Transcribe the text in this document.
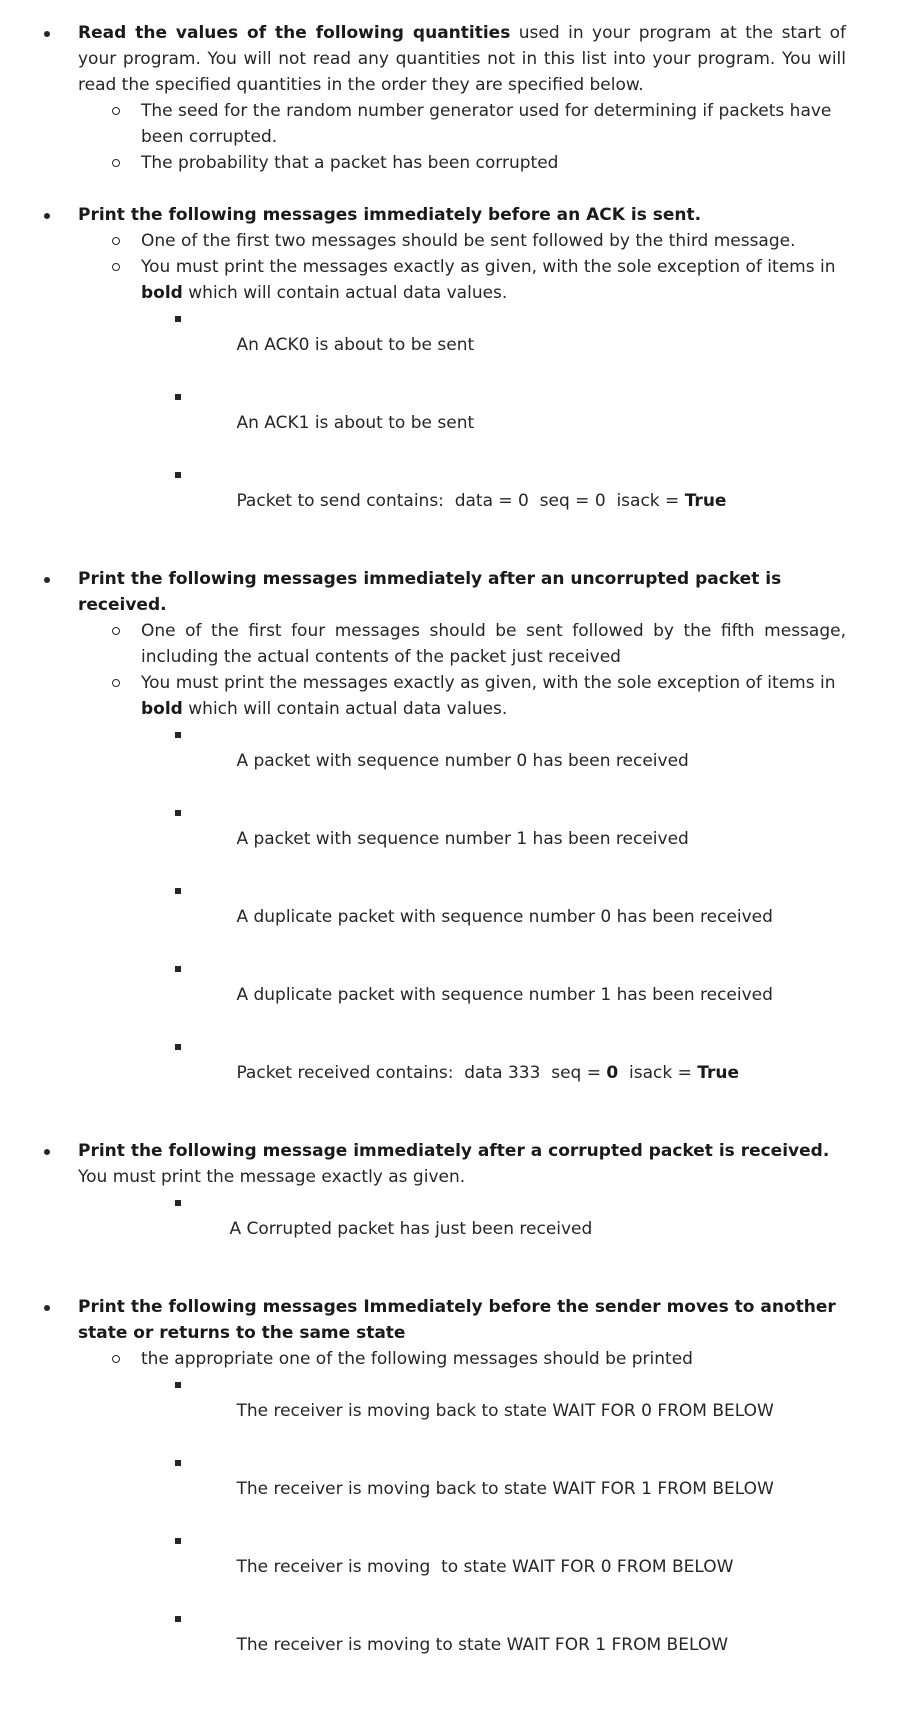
Read the values of the following quantities used in your program at the start of your program. You will not read any quantities not in this list into your program. You will read the specified quantities in the order they are specified below.
The seed for the random number generator used for determining if packets have been corrupted.
The probability that a packet has been corrupted
Print the following messages immediately before an ACK is sent.
One of the first two messages should be sent followed by the third message.
You must print the messages exactly as given, with the sole exception of items in bold which will contain actual data values.

An ACK0 is about to be sent

An ACK1 is about to be sent

Packet to send contains:  data = 0  seq = 0  isack = True

Print the following messages immediately after an uncorrupted packet is received.
One of the first four messages should be sent followed by the fifth message, including the actual contents of the packet just received
You must print the messages exactly as given, with the sole exception of items in bold which will contain actual data values.

A packet with sequence number 0 has been received

A packet with sequence number 1 has been received

A duplicate packet with sequence number 0 has been received

A duplicate packet with sequence number 1 has been received

Packet received contains:  data 333  seq = 0  isack = True

Print the following message immediately after a corrupted packet is received.
You must print the message exactly as given.

A Corrupted packet has just been received

Print the following messages Immediately before the sender moves to another state or returns to the same state
the appropriate one of the following messages should be printed

The receiver is moving back to state WAIT FOR 0 FROM BELOW

The receiver is moving back to state WAIT FOR 1 FROM BELOW

The receiver is moving  to state WAIT FOR 0 FROM BELOW

The receiver is moving to state WAIT FOR 1 FROM BELOW
